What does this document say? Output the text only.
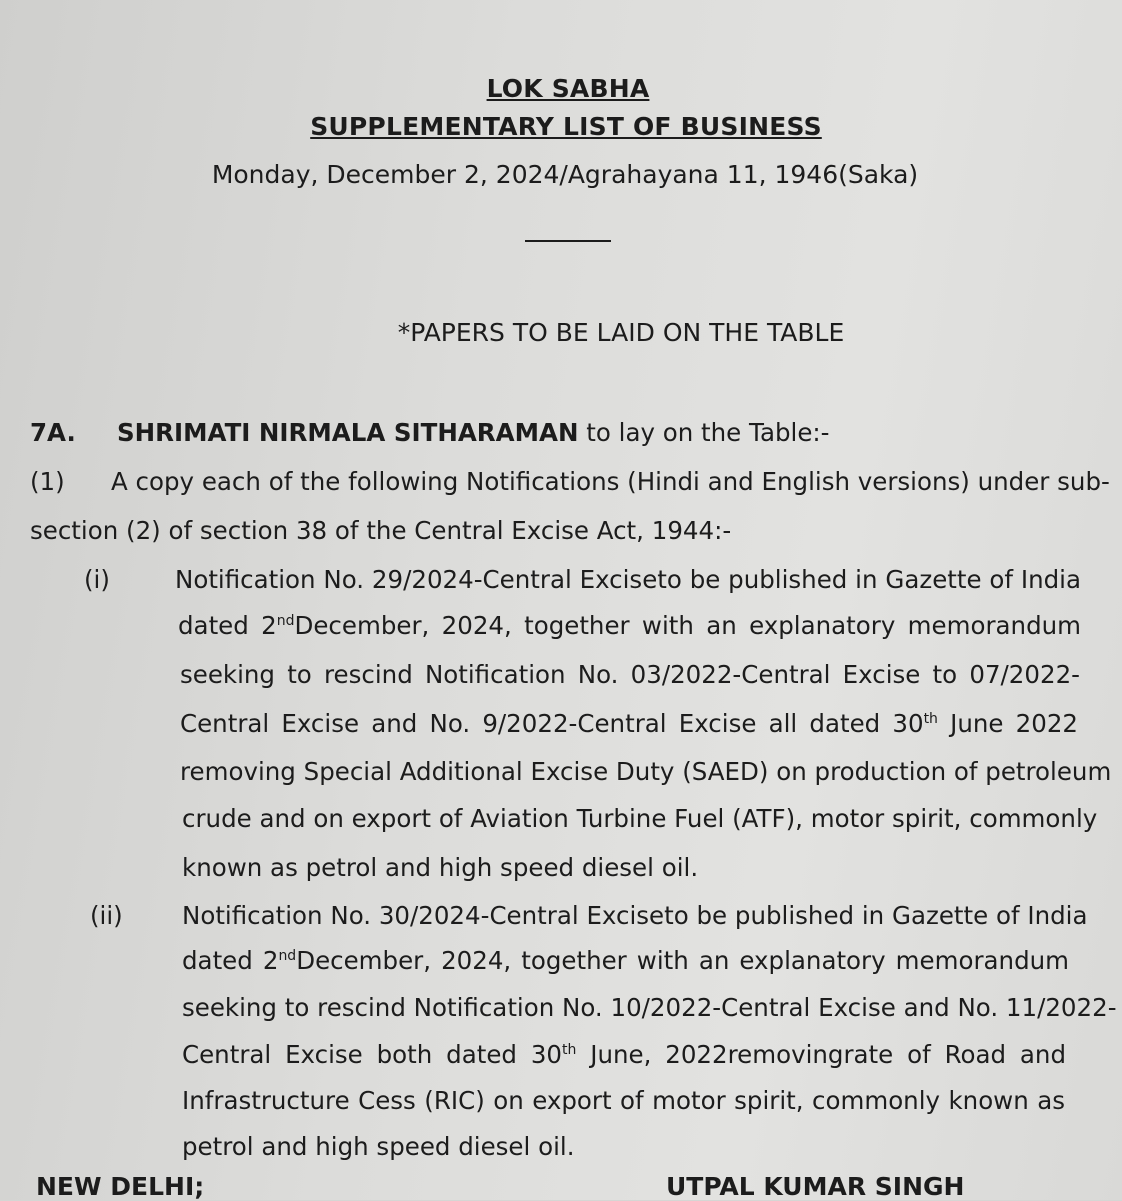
LOK SABHA
SUPPLEMENTARY LIST OF BUSINESS
Monday, December 2, 2024/Agrahayana 11, 1946(Saka)
*PAPERS TO BE LAID ON THE TABLE
7A. SHRIMATI NIRMALA SITHARAMAN to lay on the Table:-
(1) A copy each of the following Notifications (Hindi and English versions) under sub-
section (2) of section 38 of the Central Excise Act, 1944:-
(i)	Notification No. 29/2024-Central Exciseto be published in Gazette of India
dated 2ndDecember, 2024, together with an explanatory memorandum
seeking to rescind Notification No. 03/2022-Central Excise to 07/2022-
Central Excise and No. 9/2022-Central Excise all dated 30th June 2022
removing Special Additional Excise Duty (SAED) on production of petroleum
crude and on export of Aviation Turbine Fuel (ATF), motor spirit, commonly
known as petrol and high speed diesel oil.
(ii) Notification No. 30/2024-Central Exciseto be published in Gazette of India
dated 2ndDecember, 2024, together with an explanatory memorandum
seeking to rescind Notification No. 10/2022-Central Excise and No. 11/2022-
Central Excise both dated 30th June, 2022removingrate of Road and
Infrastructure Cess (RIC) on export of motor spirit, commonly known as
petrol and high speed diesel oil.
NEW DELHI;	UTPAL KUMAR SINGH
